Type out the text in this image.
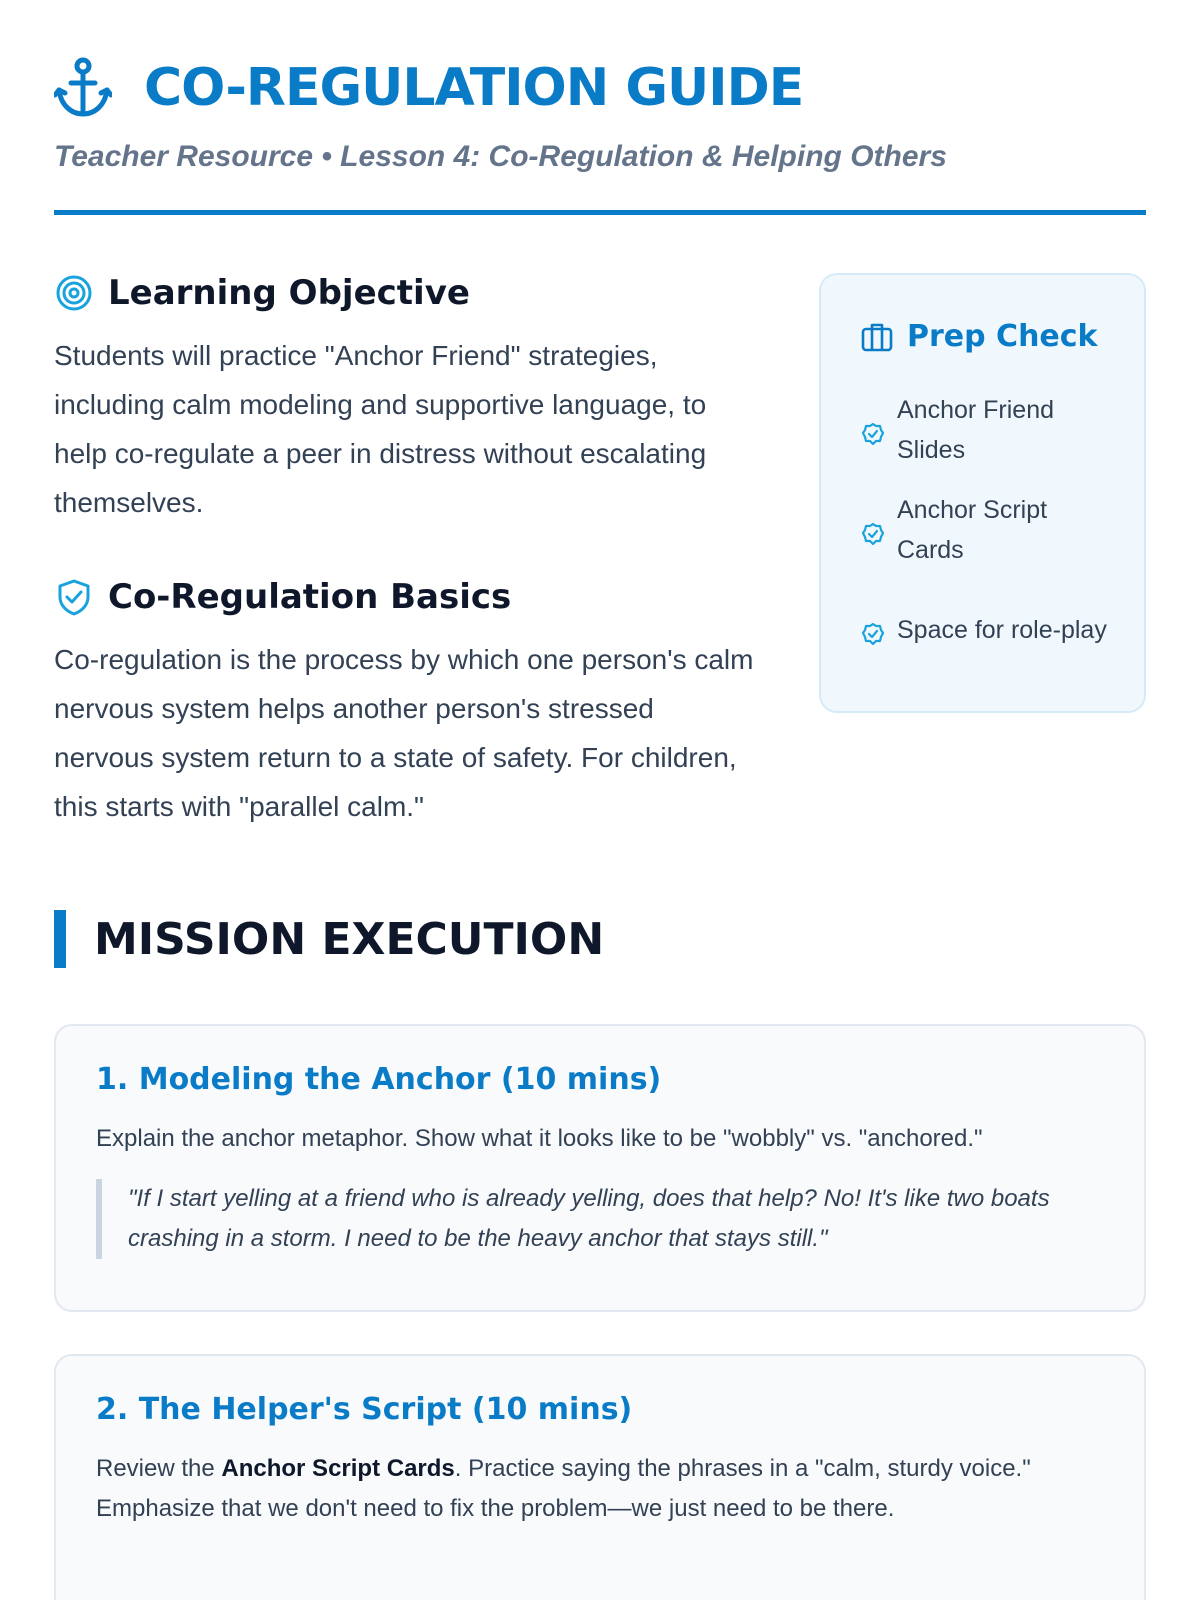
CO-REGULATION GUIDE
Teacher Resource • Lesson 4: Co-Regulation & Helping Others
Learning Objective

Students will practice "Anchor Friend" strategies, including calm modeling and supportive language, to help co-regulate a peer in distress without escalating themselves.

Co-Regulation Basics

Co-regulation is the process by which one person's calm nervous system helps another person's stressed nervous system return to a state of safety. For children, this starts with "parallel calm."

Prep Check
Anchor Friend Slides
Anchor Script Cards
Space for role-play
MISSION EXECUTION
1. Modeling the Anchor (10 mins)

Explain the anchor metaphor. Show what it looks like to be "wobbly" vs. "anchored."

"If I start yelling at a friend who is already yelling, does that help? No! It's like two boats crashing in a storm. I need to be the heavy anchor that stays still."
2. The Helper's Script (10 mins)

Review the Anchor Script Cards. Practice saying the phrases in a "calm, sturdy voice." Emphasize that we don't need to fix the problem—we just need to be there.
